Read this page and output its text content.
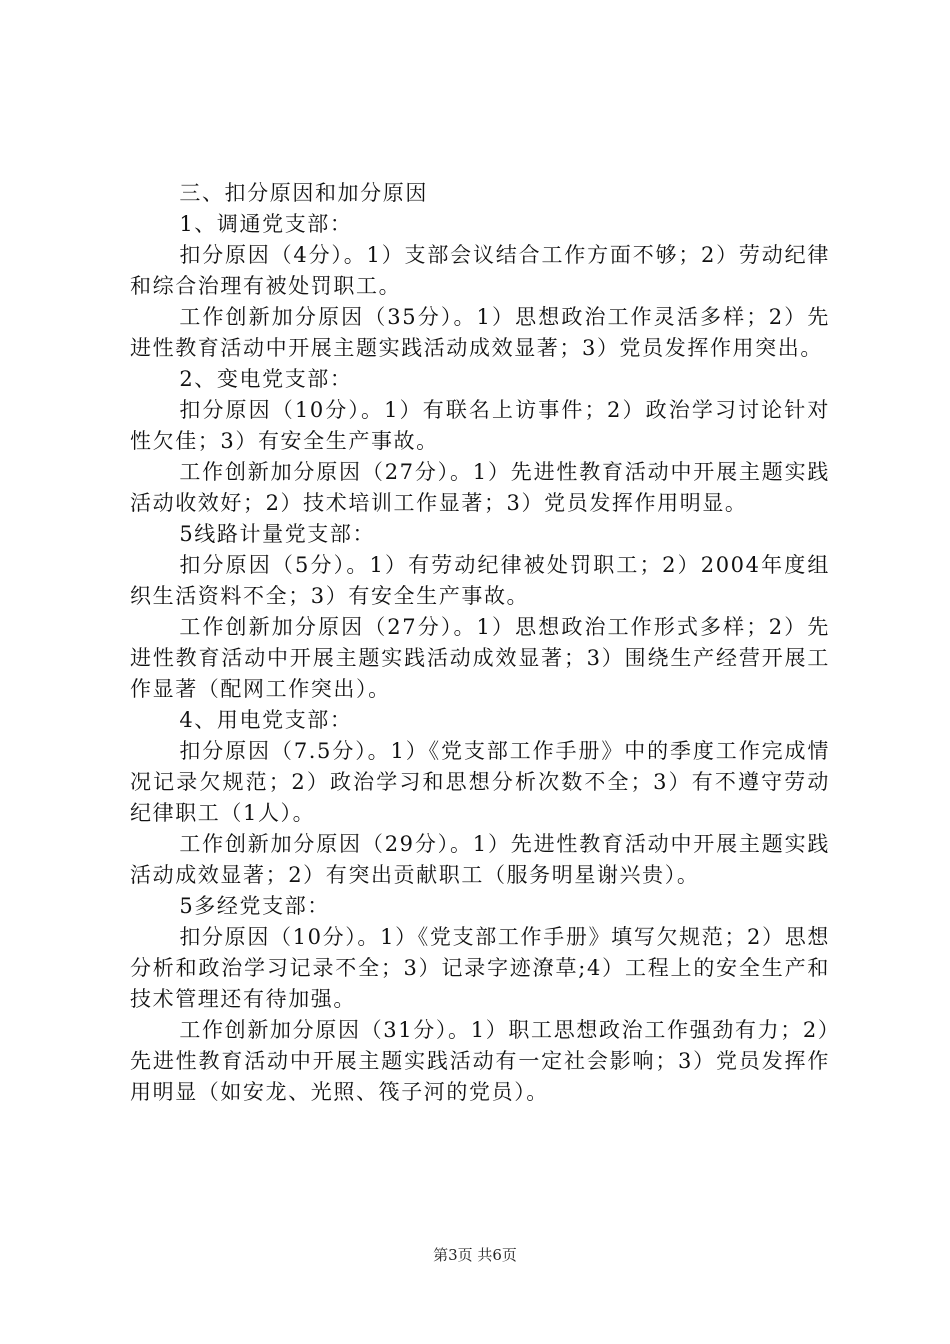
三、扣分原因和加分原因

1、调通党支部：

扣分原因（4分）。1）支部会议结合工作方面不够；2）劳动纪律和综合治理有被处罚职工。

工作创新加分原因（35分）。1）思想政治工作灵活多样；2）先进性教育活动中开展主题实践活动成效显著；3）党员发挥作用突出。

2、变电党支部：

扣分原因（10分）。1）有联名上访事件；2）政治学习讨论针对性欠佳；3）有安全生产事故。

工作创新加分原因（27分）。1）先进性教育活动中开展主题实践活动收效好；2）技术培训工作显著；3）党员发挥作用明显。

5线路计量党支部：

扣分原因（5分）。1）有劳动纪律被处罚职工；2）2004年度组织生活资料不全；3）有安全生产事故。

工作创新加分原因（27分）。1）思想政治工作形式多样；2）先进性教育活动中开展主题实践活动成效显著；3）围绕生产经营开展工作显著（配网工作突出）。

4、用电党支部：

扣分原因（7.5分）。1）《党支部工作手册》中的季度工作完成情况记录欠规范；2）政治学习和思想分析次数不全；3）有不遵守劳动纪律职工（1人）。

工作创新加分原因（29分）。1）先进性教育活动中开展主题实践活动成效显著；2）有突出贡献职工（服务明星谢兴贵）。

5多经党支部：

扣分原因（10分）。1）《党支部工作手册》填写欠规范；2）思想分析和政治学习记录不全；3）记录字迹潦草;4）工程上的安全生产和技术管理还有待加强。

工作创新加分原因（31分）。1）职工思想政治工作强劲有力；2）先进性教育活动中开展主题实践活动有一定社会影响；3）党员发挥作用明显（如安龙、光照、筏子河的党员）。

第3页 共6页
